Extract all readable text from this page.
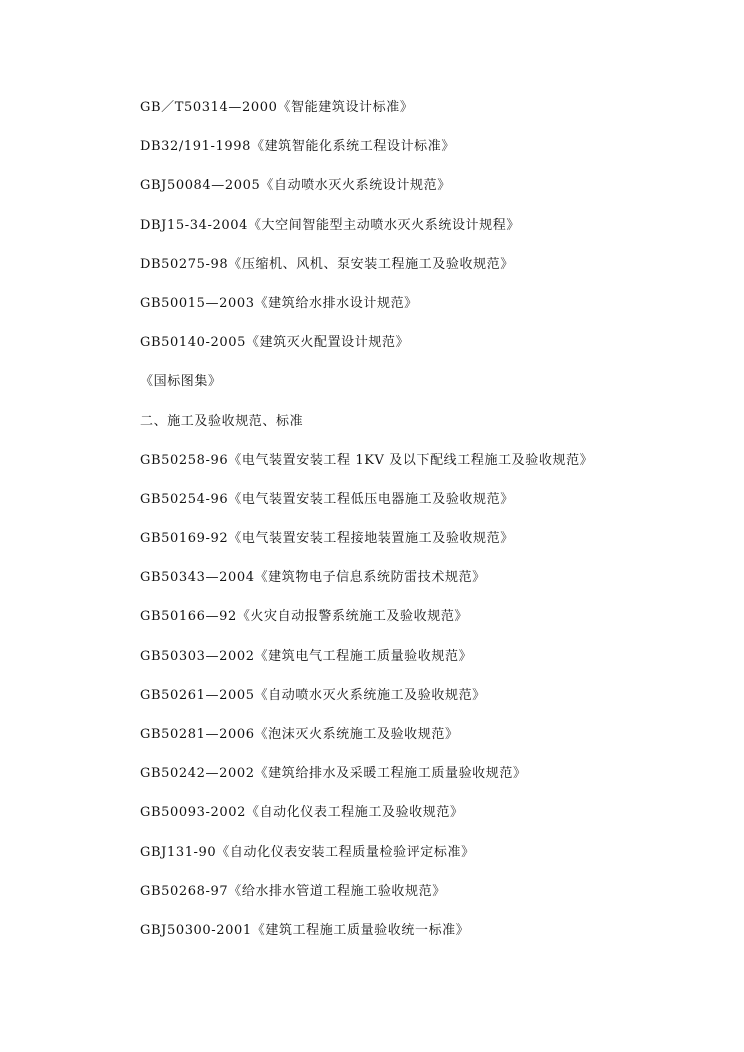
GB／T50314—2000《智能建筑设计标准》
DB32/191-1998《建筑智能化系统工程设计标准》
GBJ50084—2005《自动喷水灭火系统设计规范》
DBJ15-34-2004《大空间智能型主动喷水灭火系统设计规程》
DB50275-98《压缩机、风机、泵安装工程施工及验收规范》
GB50015—2003《建筑给水排水设计规范》
GB50140-2005《建筑灭火配置设计规范》
《国标图集》
二、施工及验收规范、标准
GB50258-96《电气装置安装工程 1KV 及以下配线工程施工及验收规范》
GB50254-96《电气装置安装工程低压电器施工及验收规范》
GB50169-92《电气装置安装工程接地装置施工及验收规范》
GB50343—2004《建筑物电子信息系统防雷技术规范》
GB50166—92《火灾自动报警系统施工及验收规范》
GB50303—2002《建筑电气工程施工质量验收规范》
GB50261—2005《自动喷水灭火系统施工及验收规范》
GB50281—2006《泡沫灭火系统施工及验收规范》
GB50242—2002《建筑给排水及采暖工程施工质量验收规范》
GB50093-2002《自动化仪表工程施工及验收规范》
GBJ131-90《自动化仪表安装工程质量检验评定标准》
GB50268-97《给水排水管道工程施工验收规范》
GBJ50300-2001《建筑工程施工质量验收统一标准》
